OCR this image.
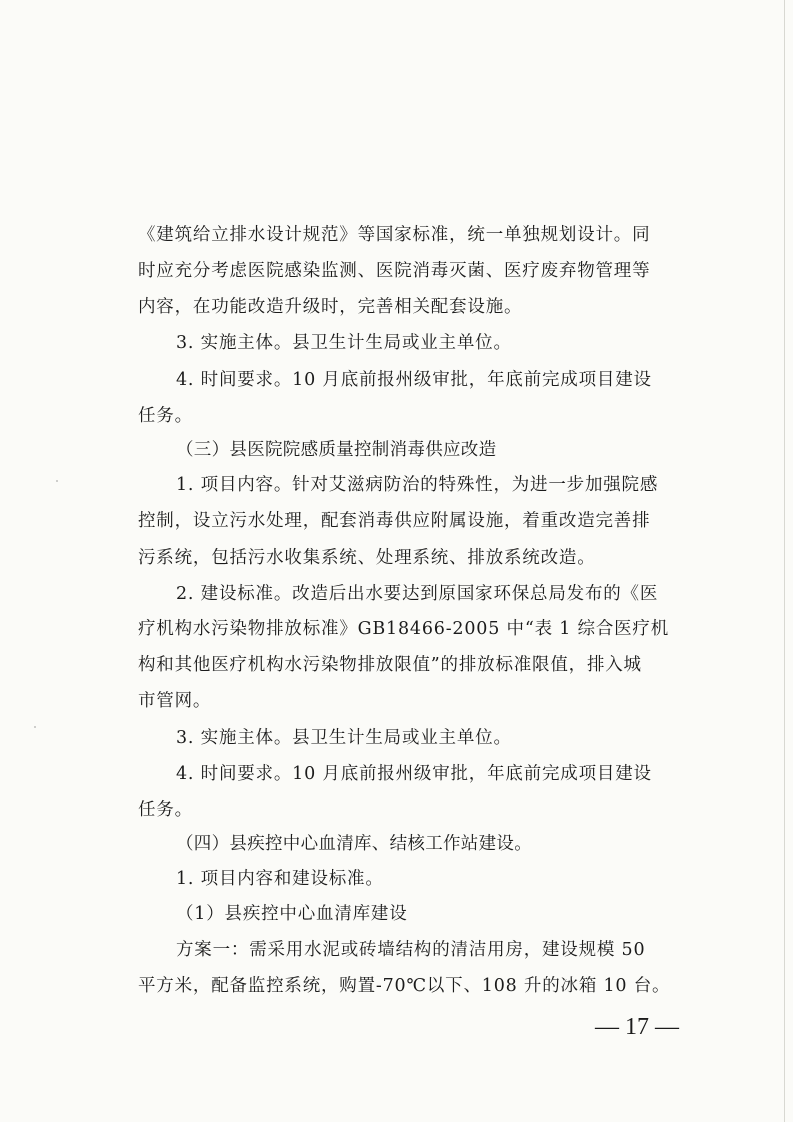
《建筑给立排水设计规范》等国家标准，统一单独规划设计。同
时应充分考虑医院感染监测、医院消毒灭菌、医疗废弃物管理等
内容，在功能改造升级时，完善相关配套设施。
3. 实施主体。县卫生计生局或业主单位。
4. 时间要求。10 月底前报州级审批，年底前完成项目建设
任务。
（三）县医院院感质量控制消毒供应改造
1. 项目内容。针对艾滋病防治的特殊性，为进一步加强院感
控制，设立污水处理，配套消毒供应附属设施，着重改造完善排
污系统，包括污水收集系统、处理系统、排放系统改造。
2. 建设标准。改造后出水要达到原国家环保总局发布的《医
疗机构水污染物排放标准》GB18466-2005 中“表 1 综合医疗机
构和其他医疗机构水污染物排放限值”的排放标准限值，排入城
市管网。
3. 实施主体。县卫生计生局或业主单位。
4. 时间要求。10 月底前报州级审批，年底前完成项目建设
任务。
（四）县疾控中心血清库、结核工作站建设。
1. 项目内容和建设标准。
（1）县疾控中心血清库建设
方案一：需采用水泥或砖墙结构的清洁用房，建设规模 50
平方米，配备监控系统，购置-70℃以下、108 升的冰箱 10 台。
— 17 —
